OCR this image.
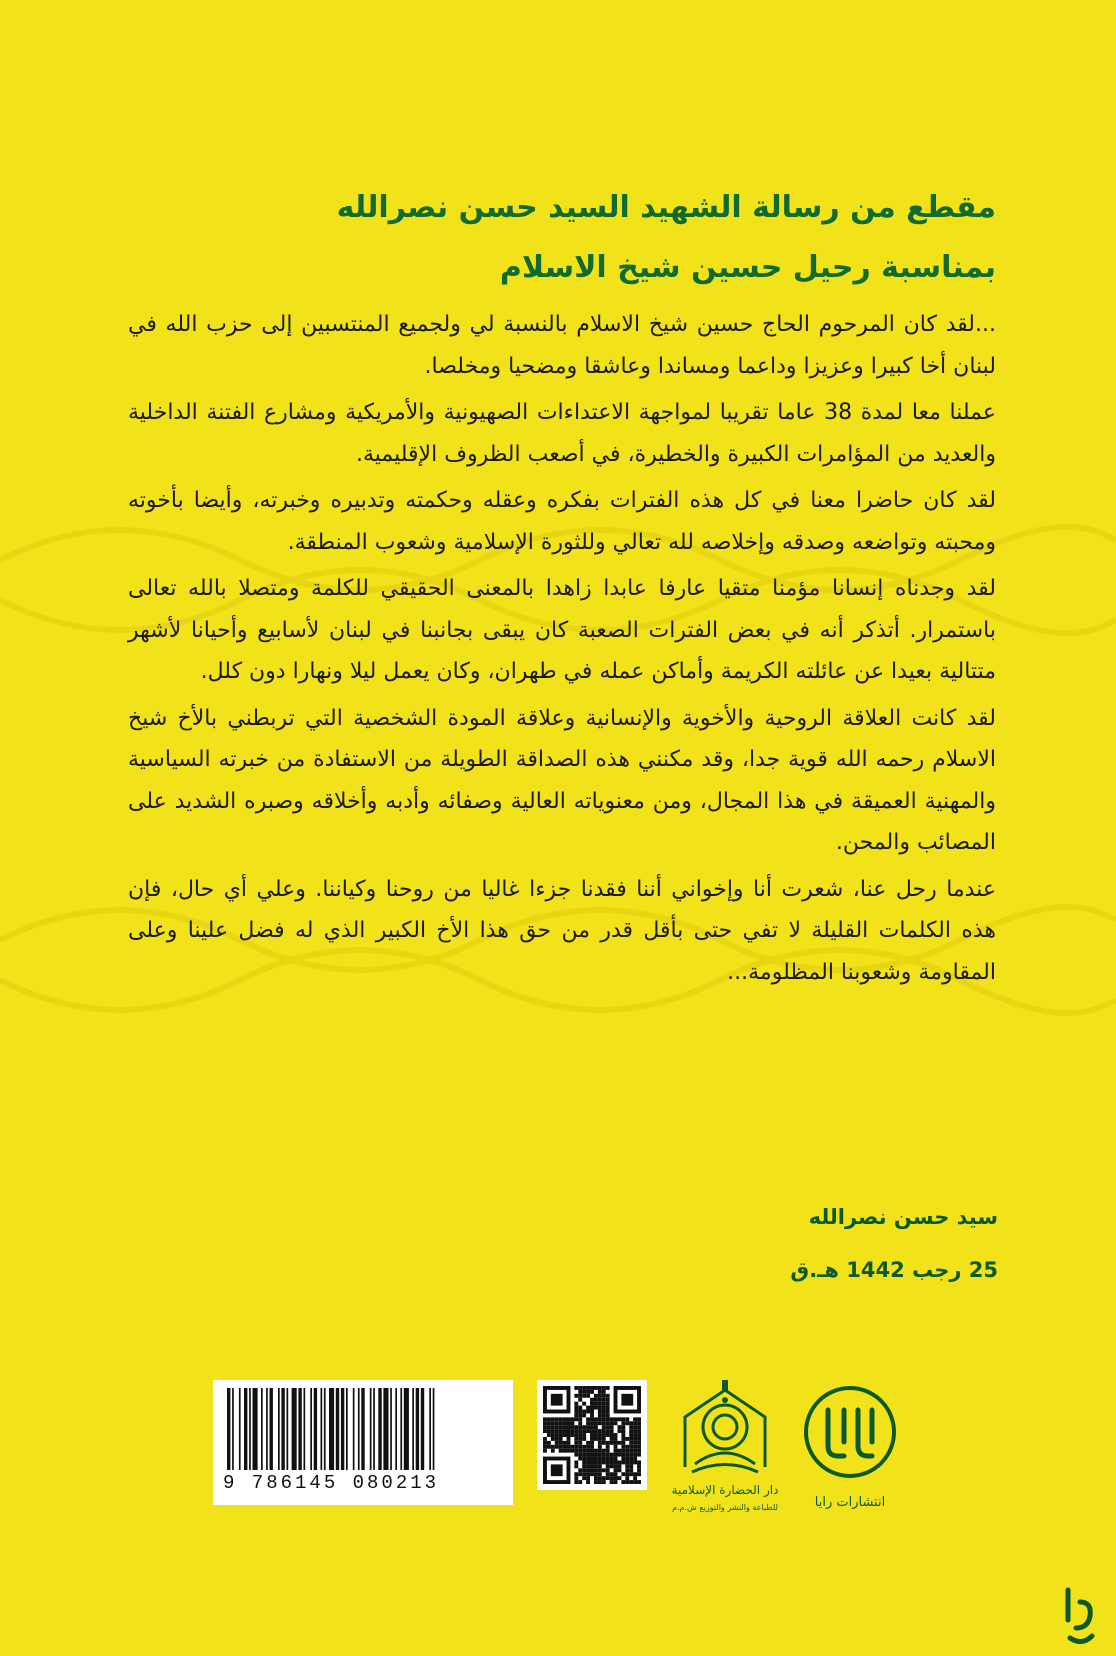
مقطع من رسالة الشهيد السيد حسن نصرالله
بمناسبة رحيل حسين شيخ الاسلام

...لقد كان المرحوم الحاج حسين شيخ الاسلام بالنسبة لي ولجميع المنتسبين إلى حزب الله في لبنان أخا كبيرا وعزيزا وداعما ومساندا وعاشقا ومضحيا ومخلصا.

عملنا معا لمدة 38 عاما تقريبا لمواجهة الاعتداءات الصهيونية والأمريكية ومشارع الفتنة الداخلية والعديد من المؤامرات الكبيرة والخطيرة، في أصعب الظروف الإقليمية.

لقد كان حاضرا معنا في كل هذه الفترات بفكره وعقله وحكمته وتدبيره وخبرته، وأيضا بأخوته ومحبته وتواضعه وصدقه وإخلاصه لله تعالي وللثورة الإسلامية وشعوب المنطقة.

لقد وجدناه إنسانا مؤمنا متقيا عارفا عابدا زاهدا بالمعنى الحقيقي للكلمة ومتصلا بالله تعالى باستمرار. أتذكر أنه في بعض الفترات الصعبة كان يبقى بجانبنا في لبنان لأسابيع وأحيانا لأشهر متتالية بعيدا عن عائلته الكريمة وأماكن عمله في طهران، وكان يعمل ليلا ونهارا دون كلل.

لقد كانت العلاقة الروحية والأخوية والإنسانية وعلاقة المودة الشخصية التي تربطني بالأخ شيخ الاسلام رحمه الله قوية جدا، وقد مكنني هذه الصداقة الطويلة من الاستفادة من خبرته السياسية والمهنية العميقة في هذا المجال، ومن معنوياته العالية وصفائه وأدبه وأخلاقه وصبره الشديد على المصائب والمحن.

عندما رحل عنا، شعرت أنا وإخواني أننا فقدنا جزءا غاليا من روحنا وكياننا. وعلي أي حال، فإن هذه الكلمات القليلة لا تفي حتى بأقل قدر من حق هذا الأخ الكبير الذي له فضل علينا وعلى المقاومة وشعوبنا المظلومة...

سيد حسن نصرالله
25 رجب 1442 هـ.ق
9 786145 080213	دار الحضارة الإسلامية
للطباعة والنشر والتوزيع ش.م.م	انتشارات رايا
